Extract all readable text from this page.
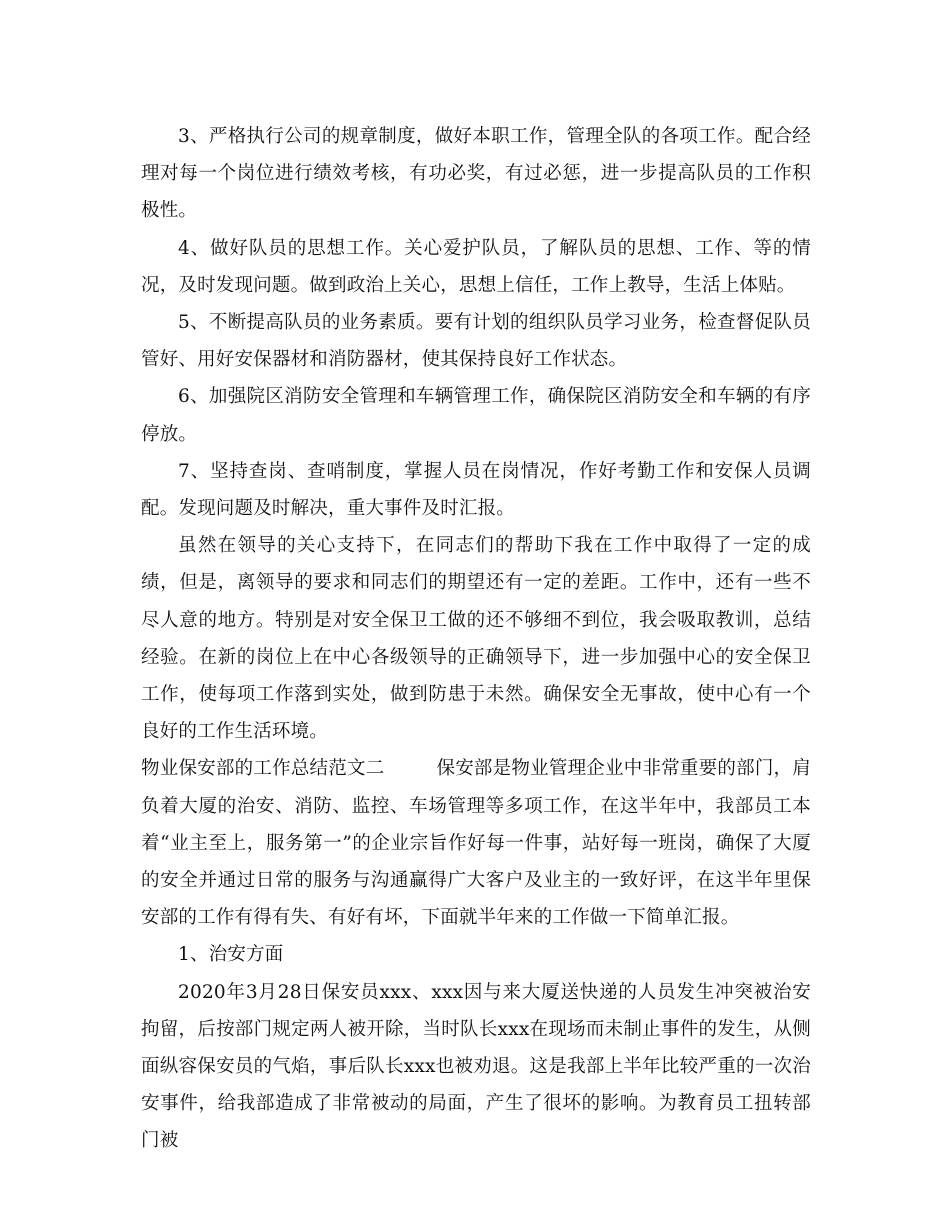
3、严格执行公司的规章制度，做好本职工作，管理全队的各项工作。配合经理对每一个岗位进行绩效考核，有功必奖，有过必惩，进一步提高队员的工作积极性。

4、做好队员的思想工作。关心爱护队员，了解队员的思想、工作、等的情况，及时发现问题。做到政治上关心，思想上信任，工作上教导，生活上体贴。

5、不断提高队员的业务素质。要有计划的组织队员学习业务，检查督促队员管好、用好安保器材和消防器材，使其保持良好工作状态。

6、加强院区消防安全管理和车辆管理工作，确保院区消防安全和车辆的有序停放。

7、坚持查岗、查哨制度，掌握人员在岗情况，作好考勤工作和安保人员调配。发现问题及时解决，重大事件及时汇报。

虽然在领导的关心支持下，在同志们的帮助下我在工作中取得了一定的成绩，但是，离领导的要求和同志们的期望还有一定的差距。工作中，还有一些不尽人意的地方。特别是对安全保卫工做的还不够细不到位，我会吸取教训，总结经验。在新的岗位上在中心各级领导的正确领导下，进一步加强中心的安全保卫工作，使每项工作落到实处，做到防患于未然。确保安全无事故，使中心有一个良好的工作生活环境。

物业保安部的工作总结范文二	保安部是物业管理企业中非常重要的部门，肩负着大厦的治安、消防、监控、车场管理等多项工作，在这半年中，我部员工本着“业主至上，服务第一”的企业宗旨作好每一件事，站好每一班岗，确保了大厦的安全并通过日常的服务与沟通赢得广大客户及业主的一致好评，在这半年里保安部的工作有得有失、有好有坏，下面就半年来的工作做一下简单汇报。

1、治安方面

2020年3月28日保安员xxx、xxx因与来大厦送快递的人员发生冲突被治安拘留，后按部门规定两人被开除，当时队长xxx在现场而未制止事件的发生，从侧面纵容保安员的气焰，事后队长xxx也被劝退。这是我部上半年比较严重的一次治安事件，给我部造成了非常被动的局面，产生了很坏的影响。为教育员工扭转部门被
